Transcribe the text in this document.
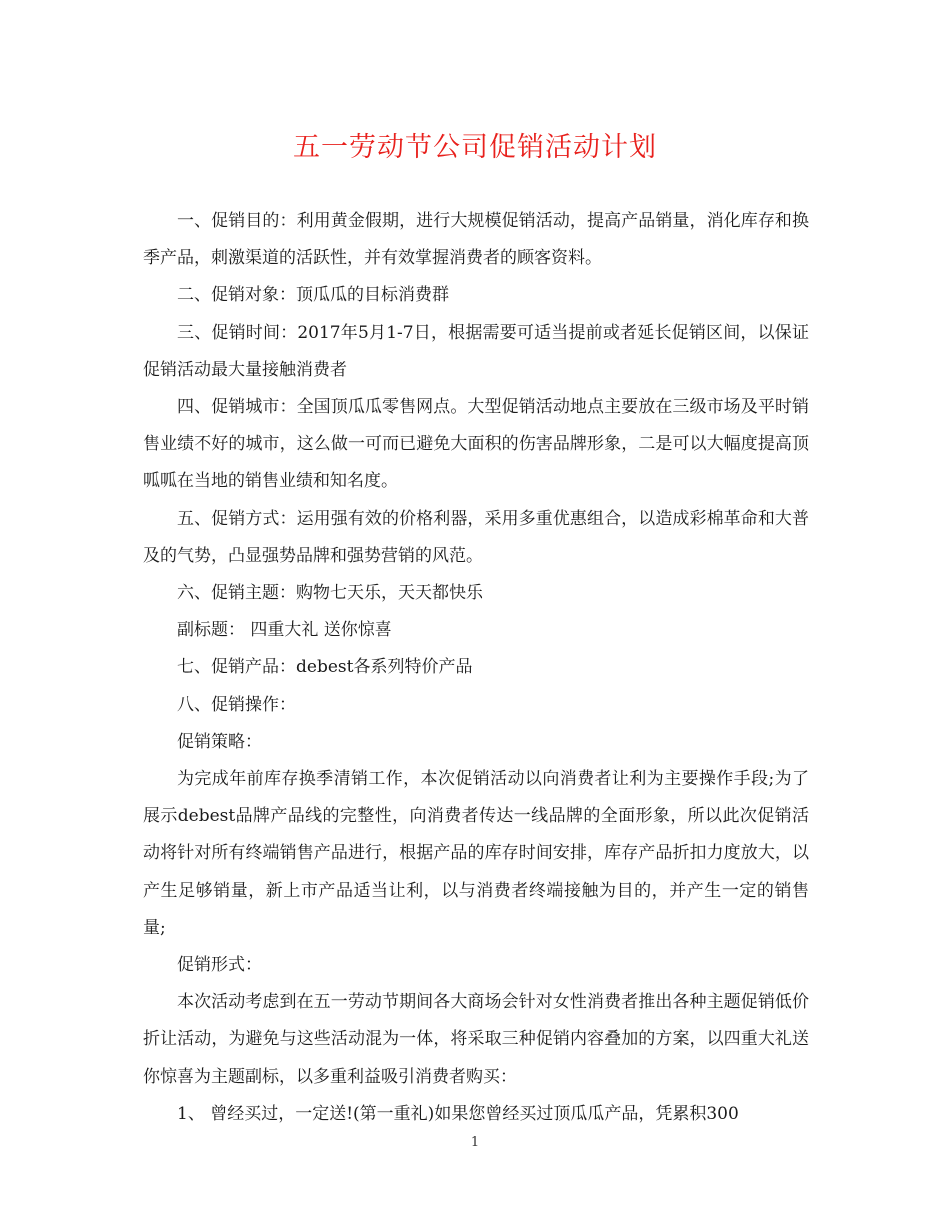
五一劳动节公司促销活动计划

一、促销目的：利用黄金假期，进行大规模促销活动，提高产品销量，消化库存和换季产品，刺激渠道的活跃性，并有效掌握消费者的顾客资料。

二、促销对象：顶瓜瓜的目标消费群

三、促销时间：2017年5月1-7日，根据需要可适当提前或者延长促销区间，以保证促销活动最大量接触消费者

四、促销城市：全国顶瓜瓜零售网点。大型促销活动地点主要放在三级市场及平时销售业绩不好的城市，这么做一可而已避免大面积的伤害品牌形象，二是可以大幅度提高顶呱呱在当地的销售业绩和知名度。

五、促销方式：运用强有效的价格利器，采用多重优惠组合，以造成彩棉革命和大普及的气势，凸显强势品牌和强势营销的风范。

六、促销主题：购物七天乐，天天都快乐

副标题： 四重大礼 送你惊喜

七、促销产品：debest各系列特价产品

八、促销操作：

促销策略：

为完成年前库存换季清销工作，本次促销活动以向消费者让利为主要操作手段;为了展示debest品牌产品线的完整性，向消费者传达一线品牌的全面形象，所以此次促销活动将针对所有终端销售产品进行，根据产品的库存时间安排，库存产品折扣力度放大，以产生足够销量，新上市产品适当让利，以与消费者终端接触为目的，并产生一定的销售量;

促销形式：

本次活动考虑到在五一劳动节期间各大商场会针对女性消费者推出各种主题促销低价折让活动，为避免与这些活动混为一体，将采取三种促销内容叠加的方案，以四重大礼送你惊喜为主题副标，以多重利益吸引消费者购买：

1、 曾经买过，一定送!(第一重礼)如果您曾经买过顶瓜瓜产品，凭累积300

1
